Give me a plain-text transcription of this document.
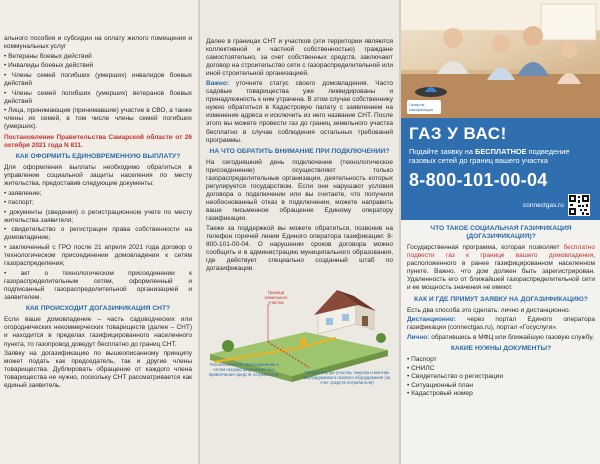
ального пособия и субсидии на оплату жилого помещения и коммунальных услуг

• Ветераны боевых действий

• Инвалиды боевых действий

• Члены семей погибших (умерших) инвалидов боевых действий

• Члены семей погибших (умерших) ветеранов боевых действий

• Лица, принимающие (принимавшие) участие в СВО, а также члены их семей, в том числе члены семей погибших (умерших).

Постановление Правительства Самарской области от 26 октября 2021 года N 811.

КАК ОФОРМИТЬ ЕДИНОВРЕМЕННУЮ ВЫПЛАТУ?

Для оформления выплаты необходимо обратиться в управление социальной защиты населения по месту жительства, предоставив следующие документы:

• заявление;

• паспорт;

• документы (сведения) о регистрационном учете по месту жительства заявителя;

• свидетельство о регистрации права собственности на домовладение;

• заключенный с ГРО после 21 апреля 2021 года договор о технологическом присоединении домовладения к сетям газораспределения;

• акт о технологическом присоединении к газораспределительным сетям, оформленный и подписанный газораспределительной организацией и заявителем.

КАК ПРОИСХОДИТ ДОГАЗИФИКАЦИЯ СНТ?

Если ваше домовладение – часть садоводческих или огороднических некоммерческих товариществ (далее – СНТ) и находится в пределах газифицированного населенного пункта, то газопровод доведут бесплатно до границ СНТ.

Заявку на догазификацию по вышеописанному принципу может подать как председатель, так и другие члены товарищества. Дублировать обращение от каждого члена товарищества не нужно, поскольку СНТ рассматривается как единый заявитель.

Далее в границах СНТ и участков (эти территории являются коллективной и частной собственностью) граждане самостоятельно, за счет собственных средств, заключают договор на строительство сети с газораспределительной или иной строительной организацией.

Важно: уточните статус своего домовладения. Часто садовые товарищества уже ликвидированы и принадлежность к ним утрачена. В этом случае собственнику нужно обратиться в Кадастровую палату с заявлением на изменение адреса и исключить из него название СНТ. После этого вы можете провести газ до границ земельного участка бесплатно в случае соблюдения остальных требований программы.

НА ЧТО ОБРАТИТЬ ВНИМАНИЕ ПРИ ПОДКЛЮЧЕНИИ?

На сегодняшний день подключение (технологическое присоединение) осуществляют только газораспределительные организации, деятельность которых регулируется государством. Если они нарушают условия договора о подключении или вы считаете, что получили необоснованный отказ в подключении, можете направить ваше письменное обращение Единому оператору газификации.

Также за поддержкой вы можете обратиться, позвонив на телефон горячей линии Единого оператора газификации: 8-800-101-00-04. О нарушении сроков договора можно сообщить и в администрацию муниципального образования, где действует специально созданный штаб по догазификации.

Граница земельного участка
Технологическое присоединение к сетям газораспределения (без привлечения средств потребителя)	Работы внутри участка, покупка и монтаж внутридомового газового оборудования (за счет средств потребителя)
Газпром газификация
ГАЗ У ВАС!
Подайте заявку на БЕСПЛАТНОЕ подведение газовых сетей до границ вашего участка
8-800-101-00-04
connectgas.ru
ЧТО ТАКОЕ СОЦИАЛЬНАЯ ГАЗИФИКАЦИЯ (ДОГАЗИФИКАЦИЯ)?

Государственная программа, которая позволяет бесплатно подвести газ к границе вашего домовладения, расположенного в ранее газифицированном населенном пункте. Важно, что дом должен быть зарегистрирован. Удаленность его от ближайшей газораспределительной сети и ее мощность значения не имеют.

КАК И ГДЕ ПРИМУТ ЗАЯВКУ НА ДОГАЗИФИКАЦИЮ?

Есть два способа это сделать: лично и дистанционно.

Дистанционно: через портал Единого оператора газификации (connectgas.ru), портал «Госуслуги».

Лично: обратившись в МФЦ или ближайшую газовую службу.

КАКИЕ НУЖНЫ ДОКУМЕНТЫ?

• Паспорт

• СНИЛС

• Свидетельство о регистрации

• Ситуационный план

• Кадастровый номер
